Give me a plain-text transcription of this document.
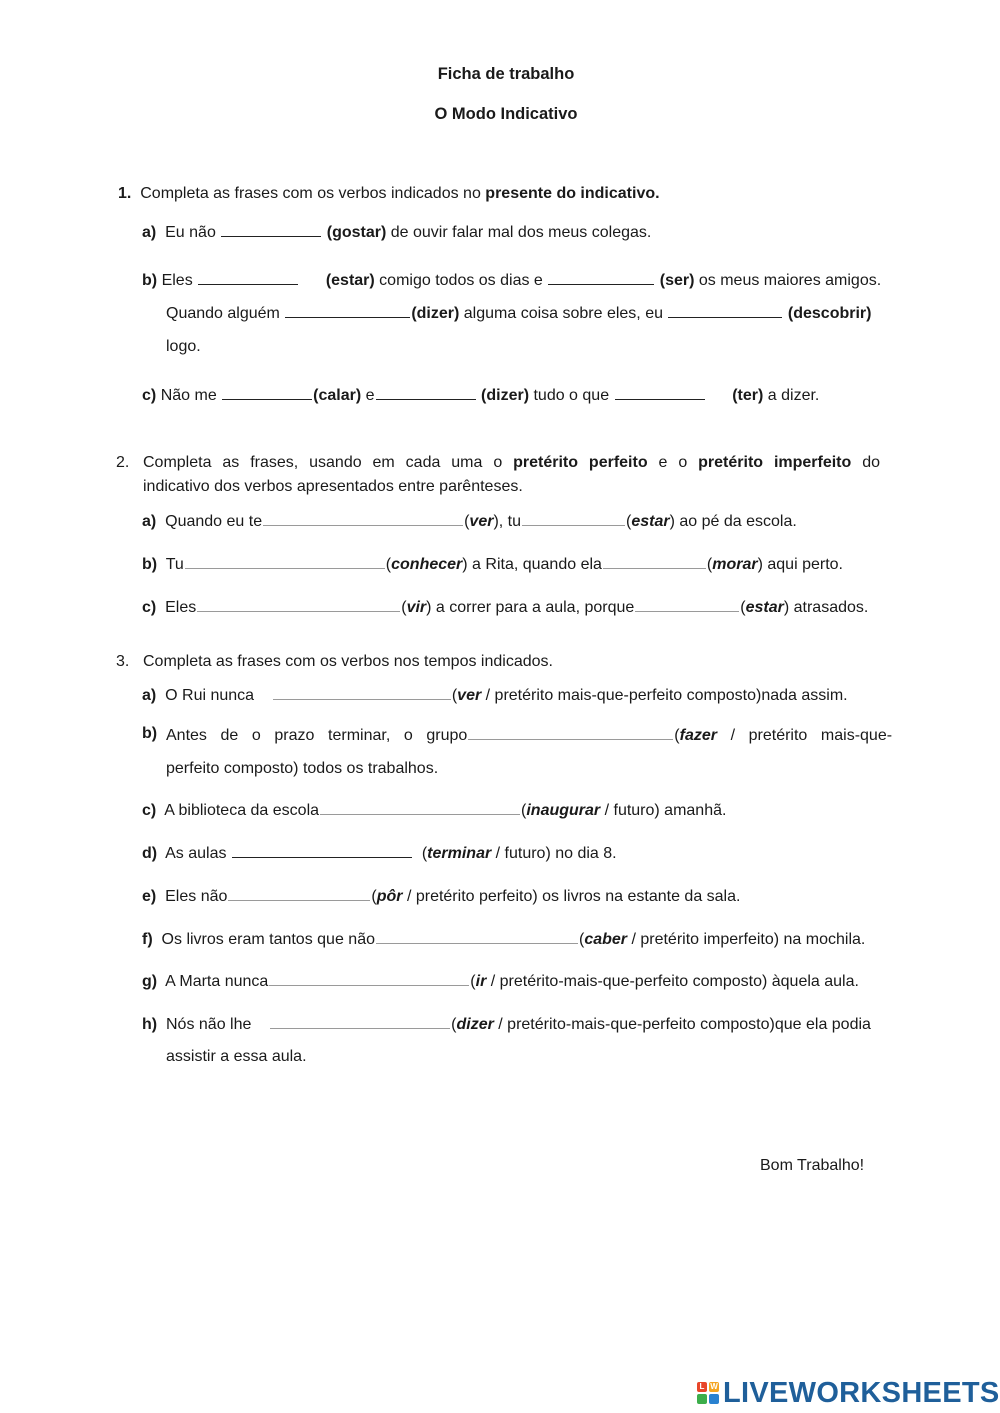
Ficha de trabalho
O Modo Indicativo
1. Completa as frases com os verbos indicados no presente do indicativo.
a) Eu não	(gostar) de ouvir falar mal dos meus colegas.
b) Eles	(estar) comigo todos os dias e	(ser) os meus maiores amigos.
Quando alguém	(dizer) alguma coisa sobre eles, eu	(descobrir)
logo.
c) Não me	(calar) e	(dizer) tudo o que	(ter) a dizer.
2. Completa as frases, usando em cada uma o pretérito perfeito e o pretérito imperfeito do
indicativo dos verbos apresentados entre parênteses.
a) Quando eu te	(ver), tu	(estar) ao pé da escola.
b) Tu	(conhecer) a Rita, quando ela	(morar) aqui perto.
c) Eles	(vir) a correr para a aula, porque	(estar) atrasados.
3. Completa as frases com os verbos nos tempos indicados.
a) O Rui nunca	(ver / pretérito mais-que-perfeito composto)nada assim.
b) Antes de o prazo terminar, o grupo	(fazer / pretérito mais-que-
perfeito composto) todos os trabalhos.
c) A biblioteca da escola	(inaugurar / futuro) amanhã.
d) As aulas	(terminar / futuro) no dia 8.
e) Eles não	(pôr / pretérito perfeito) os livros na estante da sala.
f) Os livros eram tantos que não	(caber / pretérito imperfeito) na mochila.
g) A Marta nunca	(ir / pretérito-mais-que-perfeito composto) àquela aula.
h) Nós não lhe	(dizer / pretérito-mais-que-perfeito composto)que ela podia
assistir a essa aula.
Bom Trabalho!
L W LIVEWORKSHEETS
